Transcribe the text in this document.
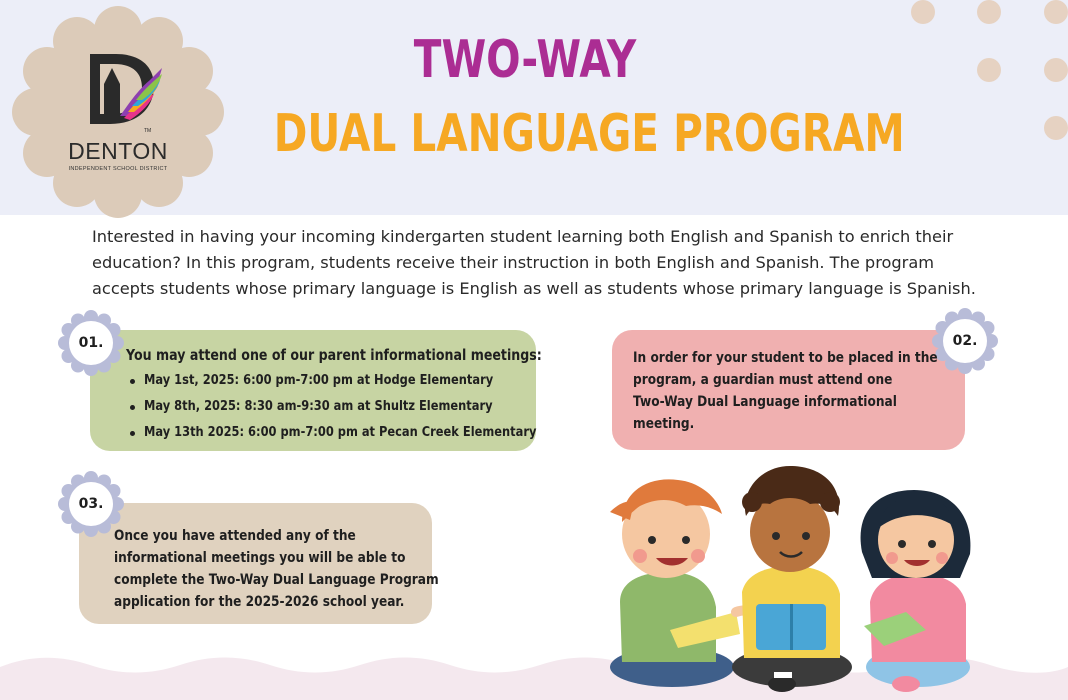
TM
DENTON
INDEPENDENT SCHOOL DISTRICT
TWO-WAY
DUAL LANGUAGE PROGRAM
Interested in having your incoming kindergarten student learning both English and Spanish to enrich their
education? In this program, students receive their instruction in both English and Spanish. The program
accepts students whose primary language is English as well as students whose primary language is Spanish.
01.	02.
03.
You may attend one of our parent informational meetings:
May 1st, 2025: 6:00 pm-7:00 pm at Hodge Elementary
May 8th, 2025: 8:30 am-9:30 am at Shultz Elementary
May 13th 2025: 6:00 pm-7:00 pm at Pecan Creek Elementary
In order for your student to be placed in the
program, a guardian must attend one
Two-Way Dual Language informational
meeting.
Once you have attended any of the
informational meetings you will be able to
complete the Two-Way Dual Language Program
application for the 2025-2026 school year.
